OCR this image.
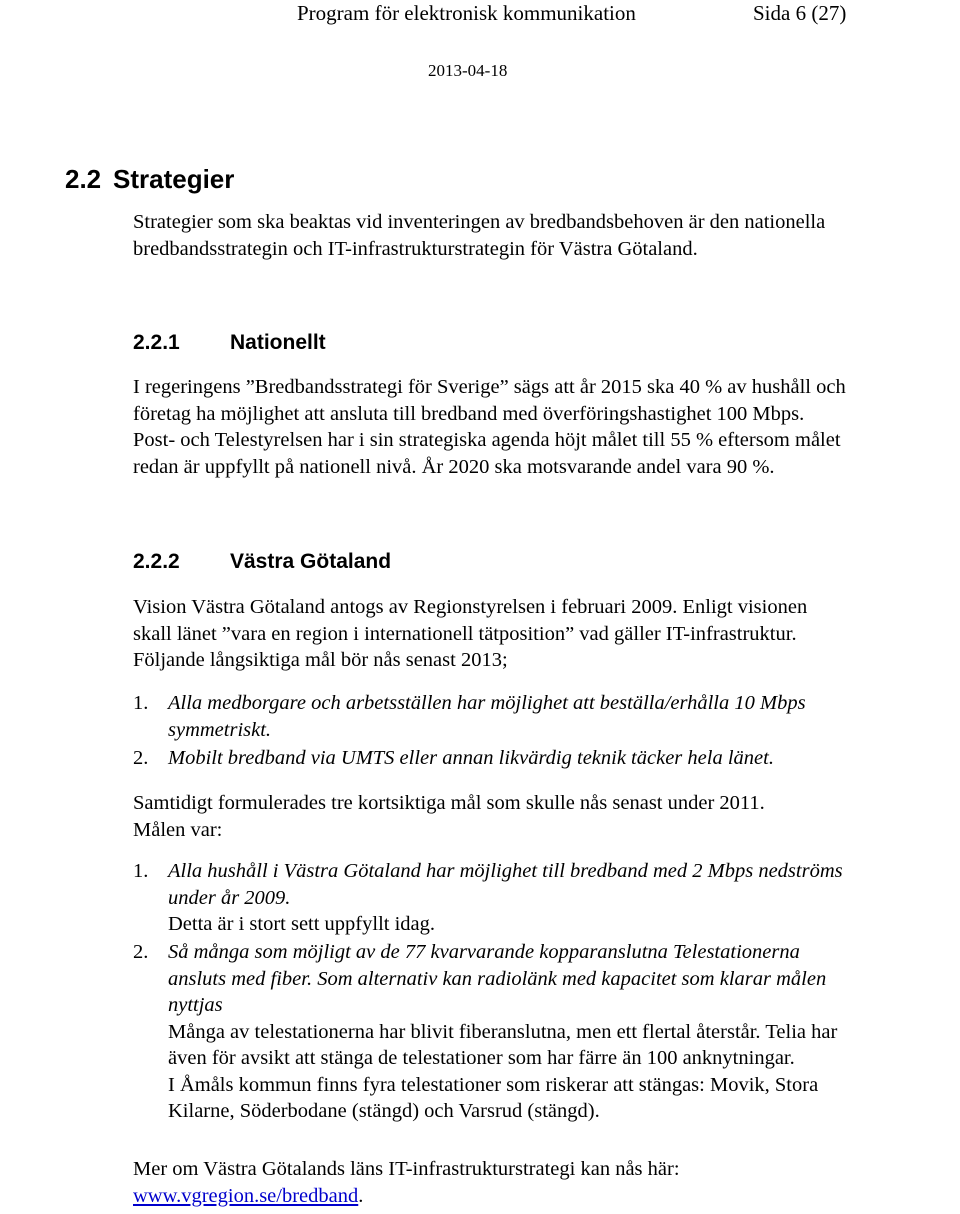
Program för elektronisk kommunikation	Sida 6 (27)
2013-04-18
2.2 Strategier
Strategier som ska beaktas vid inventeringen av bredbandsbehoven är den nationella
bredbandsstrategin och IT-infrastrukturstrategin för Västra Götaland.
2.2.1 Nationellt
I regeringens ”Bredbandsstrategi för Sverige” sägs att år 2015 ska 40 % av hushåll och
företag ha möjlighet att ansluta till bredband med överföringshastighet 100 Mbps.
Post- och Telestyrelsen har i sin strategiska agenda höjt målet till 55 % eftersom målet
redan är uppfyllt på nationell nivå. År 2020 ska motsvarande andel vara 90 %.
2.2.2 Västra Götaland
Vision Västra Götaland antogs av Regionstyrelsen i februari 2009. Enligt visionen
skall länet ”vara en region i internationell tätposition” vad gäller IT-infrastruktur.
Följande långsiktiga mål bör nås senast 2013;
1. Alla medborgare och arbetsställen har möjlighet att beställa/erhålla 10 Mbps
symmetriskt.
2. Mobilt bredband via UMTS eller annan likvärdig teknik täcker hela länet.
Samtidigt formulerades tre kortsiktiga mål som skulle nås senast under 2011.
Målen var:
1. Alla hushåll i Västra Götaland har möjlighet till bredband med 2 Mbps nedströms
under år 2009.
Detta är i stort sett uppfyllt idag.
2. Så många som möjligt av de 77 kvarvarande kopparanslutna Telestationerna
ansluts med fiber. Som alternativ kan radiolänk med kapacitet som klarar målen
nyttjas
Många av telestationerna har blivit fiberanslutna, men ett flertal återstår. Telia har
även för avsikt att stänga de telestationer som har färre än 100 anknytningar.
I Åmåls kommun finns fyra telestationer som riskerar att stängas: Movik, Stora
Kilarne, Söderbodane (stängd) och Varsrud (stängd).
Mer om Västra Götalands läns IT-infrastrukturstrategi kan nås här:
www.vgregion.se/bredband.
